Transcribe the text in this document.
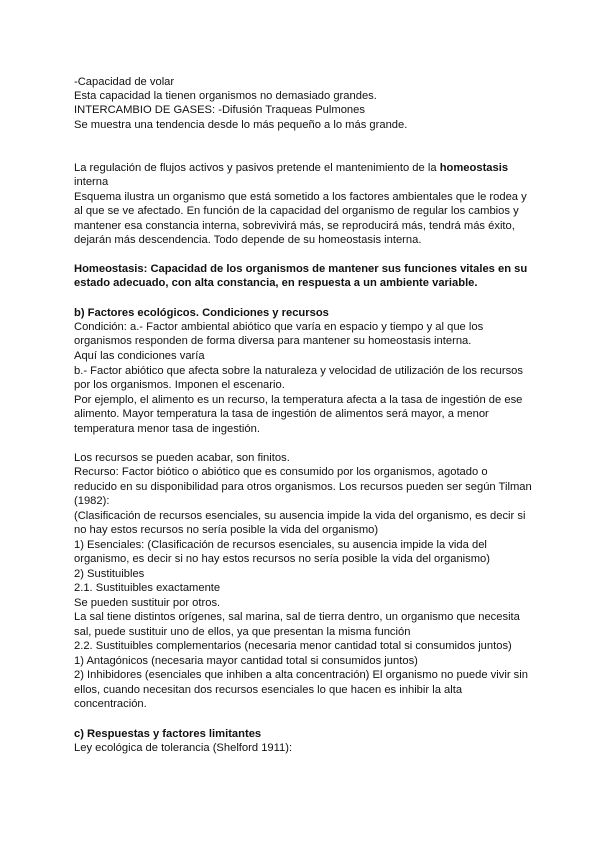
-Capacidad de volar
Esta capacidad la tienen organismos no demasiado grandes.
INTERCAMBIO DE GASES: -Difusión Traqueas Pulmones
Se muestra una tendencia desde lo más pequeño a lo más grande.
La regulación de flujos activos y pasivos pretende el mantenimiento de la homeostasis
interna
Esquema ilustra un organismo que está sometido a los factores ambientales que le rodea y
al que se ve afectado. En función de la capacidad del organismo de regular los cambios y
mantener esa constancia interna, sobrevivirá más, se reproducirá más, tendrá más éxito,
dejarán más descendencia. Todo depende de su homeostasis interna.
Homeostasis: Capacidad de los organismos de mantener sus funciones vitales en su
estado adecuado, con alta constancia, en respuesta a un ambiente variable.
b) Factores ecológicos. Condiciones y recursos
Condición: a.- Factor ambiental abiótico que varía en espacio y tiempo y al que los
organismos responden de forma diversa para mantener su homeostasis interna.
Aquí las condiciones varía
b.- Factor abiótico que afecta sobre la naturaleza y velocidad de utilización de los recursos
por los organismos. Imponen el escenario.
Por ejemplo, el alimento es un recurso, la temperatura afecta a la tasa de ingestión de ese
alimento. Mayor temperatura la tasa de ingestión de alimentos será mayor, a menor
temperatura menor tasa de ingestión.
Los recursos se pueden acabar, son finitos.
Recurso: Factor biótico o abiótico que es consumido por los organismos, agotado o
reducido en su disponibilidad para otros organismos. Los recursos pueden ser según Tilman
(1982):
(Clasificación de recursos esenciales, su ausencia impide la vida del organismo, es decir si
no hay estos recursos no sería posible la vida del organismo)
1) Esenciales: (Clasificación de recursos esenciales, su ausencia impide la vida del
organismo, es decir si no hay estos recursos no sería posible la vida del organismo)
2) Sustituibles
2.1. Sustituibles exactamente
Se pueden sustituir por otros.
La sal tiene distintos orígenes, sal marina, sal de tierra dentro, un organismo que necesita
sal, puede sustituir uno de ellos, ya que presentan la misma función
2.2. Sustituibles complementarios (necesaria menor cantidad total si consumidos juntos)
1) Antagónicos (necesaria mayor cantidad total si consumidos juntos)
2) Inhibidores (esenciales que inhiben a alta concentración) El organismo no puede vivir sin
ellos, cuando necesitan dos recursos esenciales lo que hacen es inhibir la alta
concentración.
c) Respuestas y factores limitantes
Ley ecológica de tolerancia (Shelford 1911):
